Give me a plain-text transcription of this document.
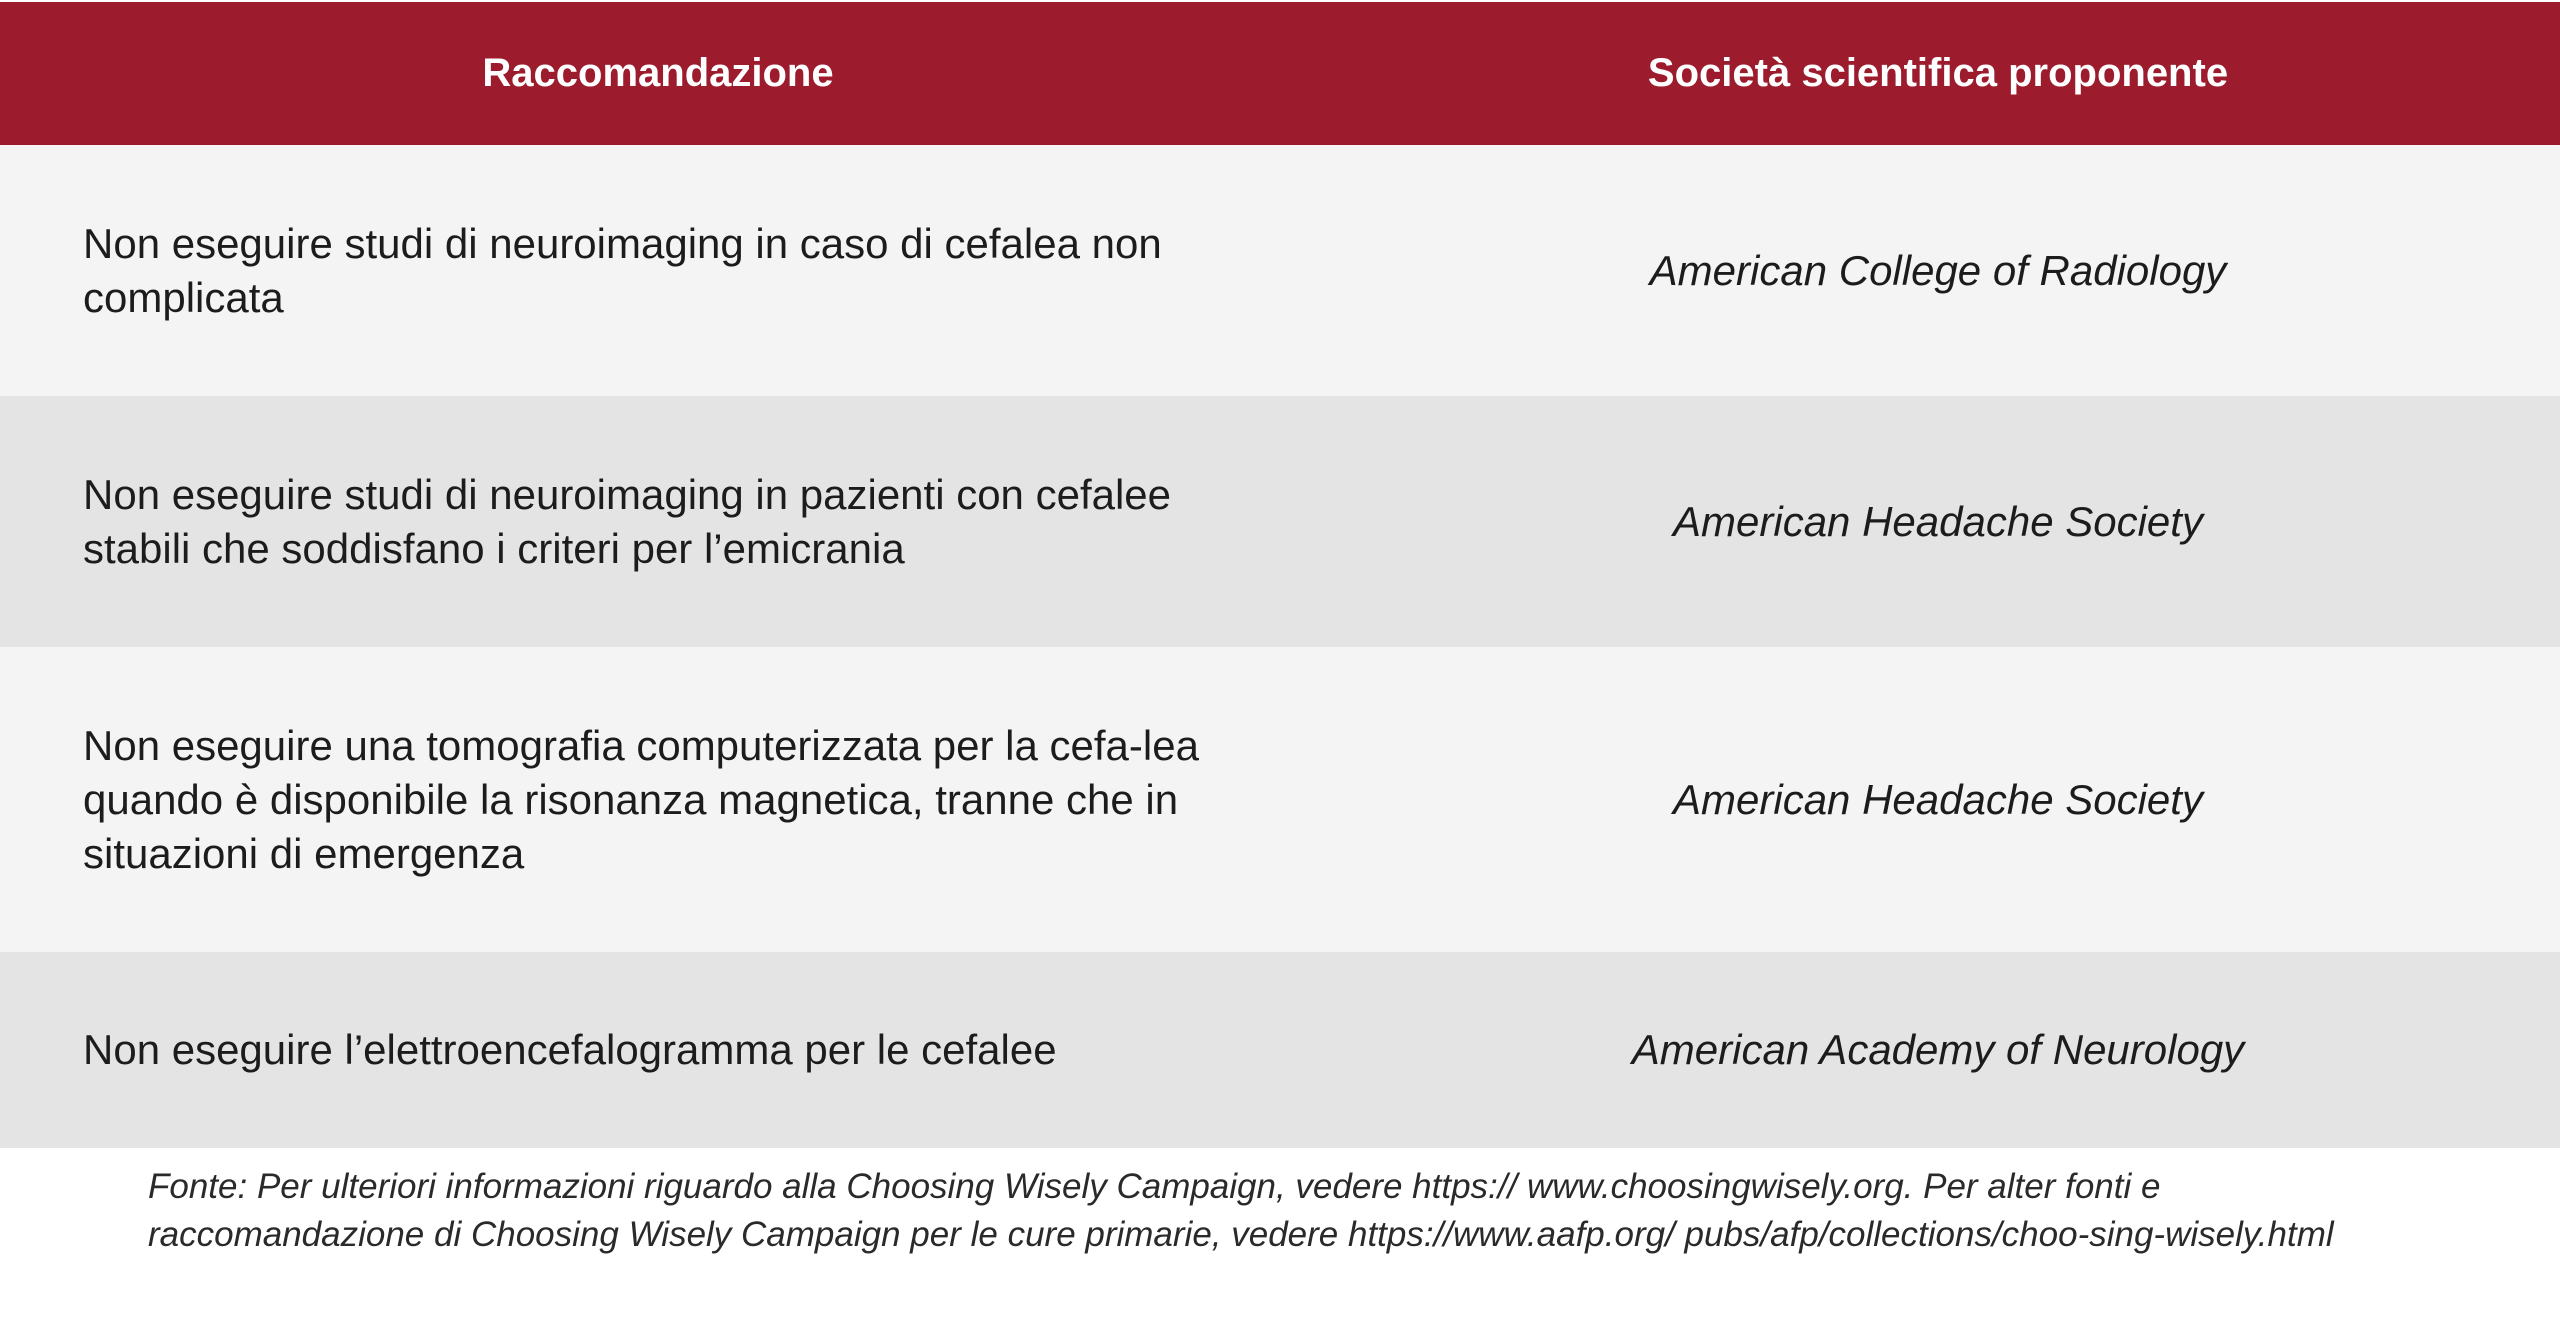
Raccomandazione	Società scientifica proponente
Non eseguire studi di neuroimaging in caso di cefalea non complicata
American College of Radiology
Non eseguire studi di neuroimaging in pazienti con cefalee stabili che soddisfano i criteri per l’emicrania
American Headache Society
Non eseguire una tomografia computerizzata per la cefa-lea quando è disponibile la risonanza magnetica, tranne che in situazioni di emergenza
American Headache Society
Non eseguire l’elettroencefalogramma per le cefalee	American Academy of Neurology
Fonte: Per ulteriori informazioni riguardo alla Choosing Wisely Campaign, vedere https:// www.choosingwisely.org. Per alter fonti e raccomandazione di Choosing Wisely Campaign per le cure primarie, vedere https://www.aafp.org/ pubs/afp/collections/choo-sing-wisely.html
